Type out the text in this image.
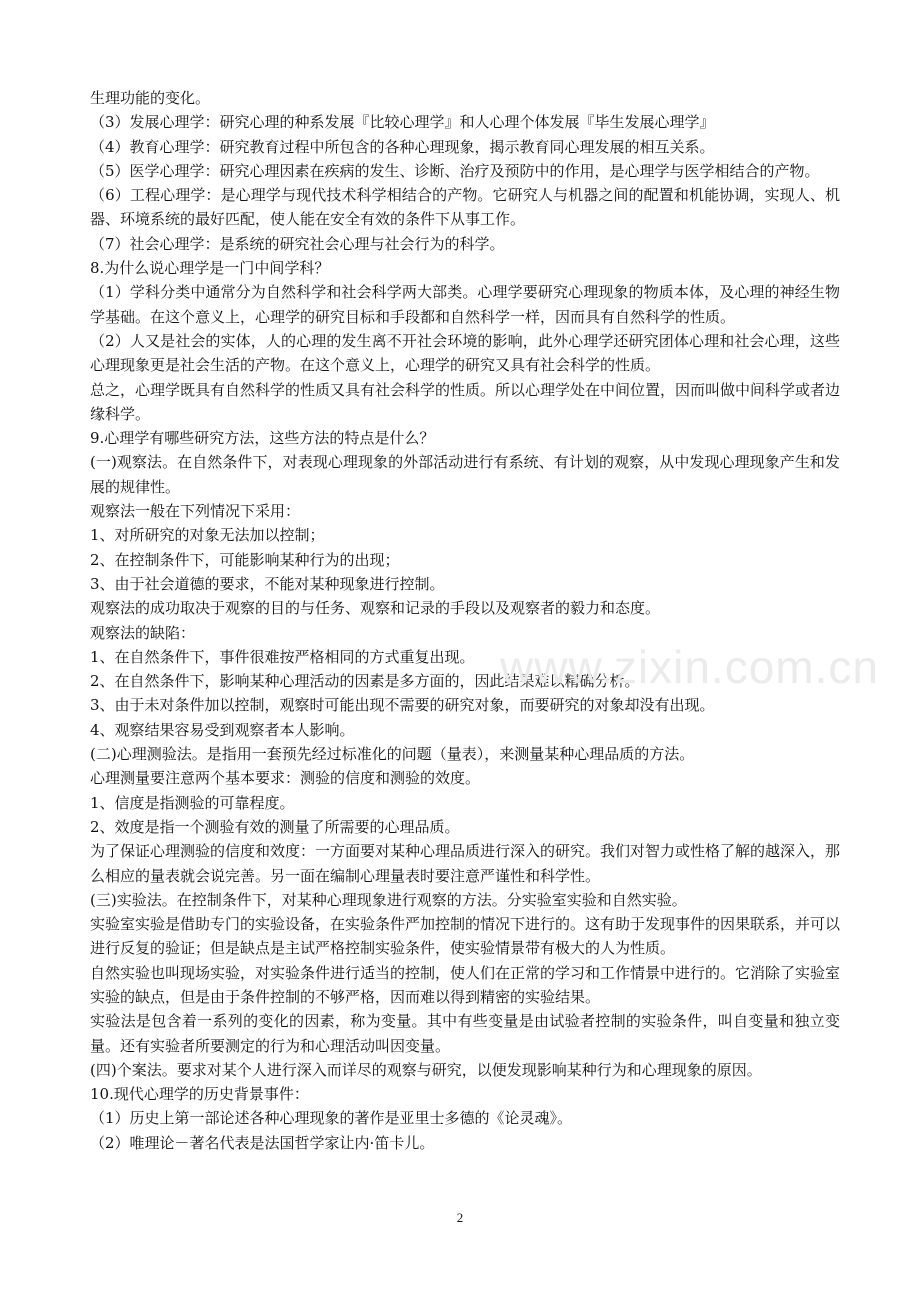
生理功能的变化。

（3）发展心理学：研究心理的种系发展『比较心理学』和人心理个体发展『毕生发展心理学』

（4）教育心理学：研究教育过程中所包含的各种心理现象，揭示教育同心理发展的相互关系。

（5）医学心理学：研究心理因素在疾病的发生、诊断、治疗及预防中的作用，是心理学与医学相结合的产物。

（6）工程心理学：是心理学与现代技术科学相结合的产物。它研究人与机器之间的配置和机能协调，实现人、机器、环境系统的最好匹配，使人能在安全有效的条件下从事工作。

（7）社会心理学：是系统的研究社会心理与社会行为的科学。

8.为什么说心理学是一门中间学科？

（1）学科分类中通常分为自然科学和社会科学两大部类。心理学要研究心理现象的物质本体，及心理的神经生物学基础。在这个意义上，心理学的研究目标和手段都和自然科学一样，因而具有自然科学的性质。

（2）人又是社会的实体，人的心理的发生离不开社会环境的影响，此外心理学还研究团体心理和社会心理，这些心理现象更是社会生活的产物。在这个意义上，心理学的研究又具有社会科学的性质。

总之，心理学既具有自然科学的性质又具有社会科学的性质。所以心理学处在中间位置，因而叫做中间科学或者边缘科学。

9.心理学有哪些研究方法，这些方法的特点是什么？

(一)观察法。在自然条件下，对表现心理现象的外部活动进行有系统、有计划的观察，从中发现心理现象产生和发展的规律性。

观察法一般在下列情况下采用：

1、对所研究的对象无法加以控制；

2、在控制条件下，可能影响某种行为的出现；

3、由于社会道德的要求，不能对某种现象进行控制。

观察法的成功取决于观察的目的与任务、观察和记录的手段以及观察者的毅力和态度。

观察法的缺陷：

1、在自然条件下，事件很难按严格相同的方式重复出现。

2、在自然条件下，影响某种心理活动的因素是多方面的，因此结果难以精确分析。

3、由于未对条件加以控制，观察时可能出现不需要的研究对象，而要研究的对象却没有出现。

4、观察结果容易受到观察者本人影响。

(二)心理测验法。是指用一套预先经过标准化的问题（量表），来测量某种心理品质的方法。

心理测量要注意两个基本要求：测验的信度和测验的效度。

1、信度是指测验的可靠程度。

2、效度是指一个测验有效的测量了所需要的心理品质。

为了保证心理测验的信度和效度：一方面要对某种心理品质进行深入的研究。我们对智力或性格了解的越深入，那么相应的量表就会说完善。另一面在编制心理量表时要注意严谨性和科学性。

(三)实验法。在控制条件下，对某种心理现象进行观察的方法。分实验室实验和自然实验。

实验室实验是借助专门的实验设备，在实验条件严加控制的情况下进行的。这有助于发现事件的因果联系，并可以进行反复的验证；但是缺点是主试严格控制实验条件，使实验情景带有极大的人为性质。

自然实验也叫现场实验，对实验条件进行适当的控制，使人们在正常的学习和工作情景中进行的。它消除了实验室实验的缺点，但是由于条件控制的不够严格，因而难以得到精密的实验结果。

实验法是包含着一系列的变化的因素，称为变量。其中有些变量是由试验者控制的实验条件，叫自变量和独立变量。还有实验者所要测定的行为和心理活动叫因变量。

(四)个案法。要求对某个人进行深入而详尽的观察与研究，以便发现影响某种行为和心理现象的原因。

10.现代心理学的历史背景事件：

（1）历史上第一部论述各种心理现象的著作是亚里士多德的《论灵魂》。

（2）唯理论－著名代表是法国哲学家让内·笛卡儿。

www.zixin.com.cn
2
